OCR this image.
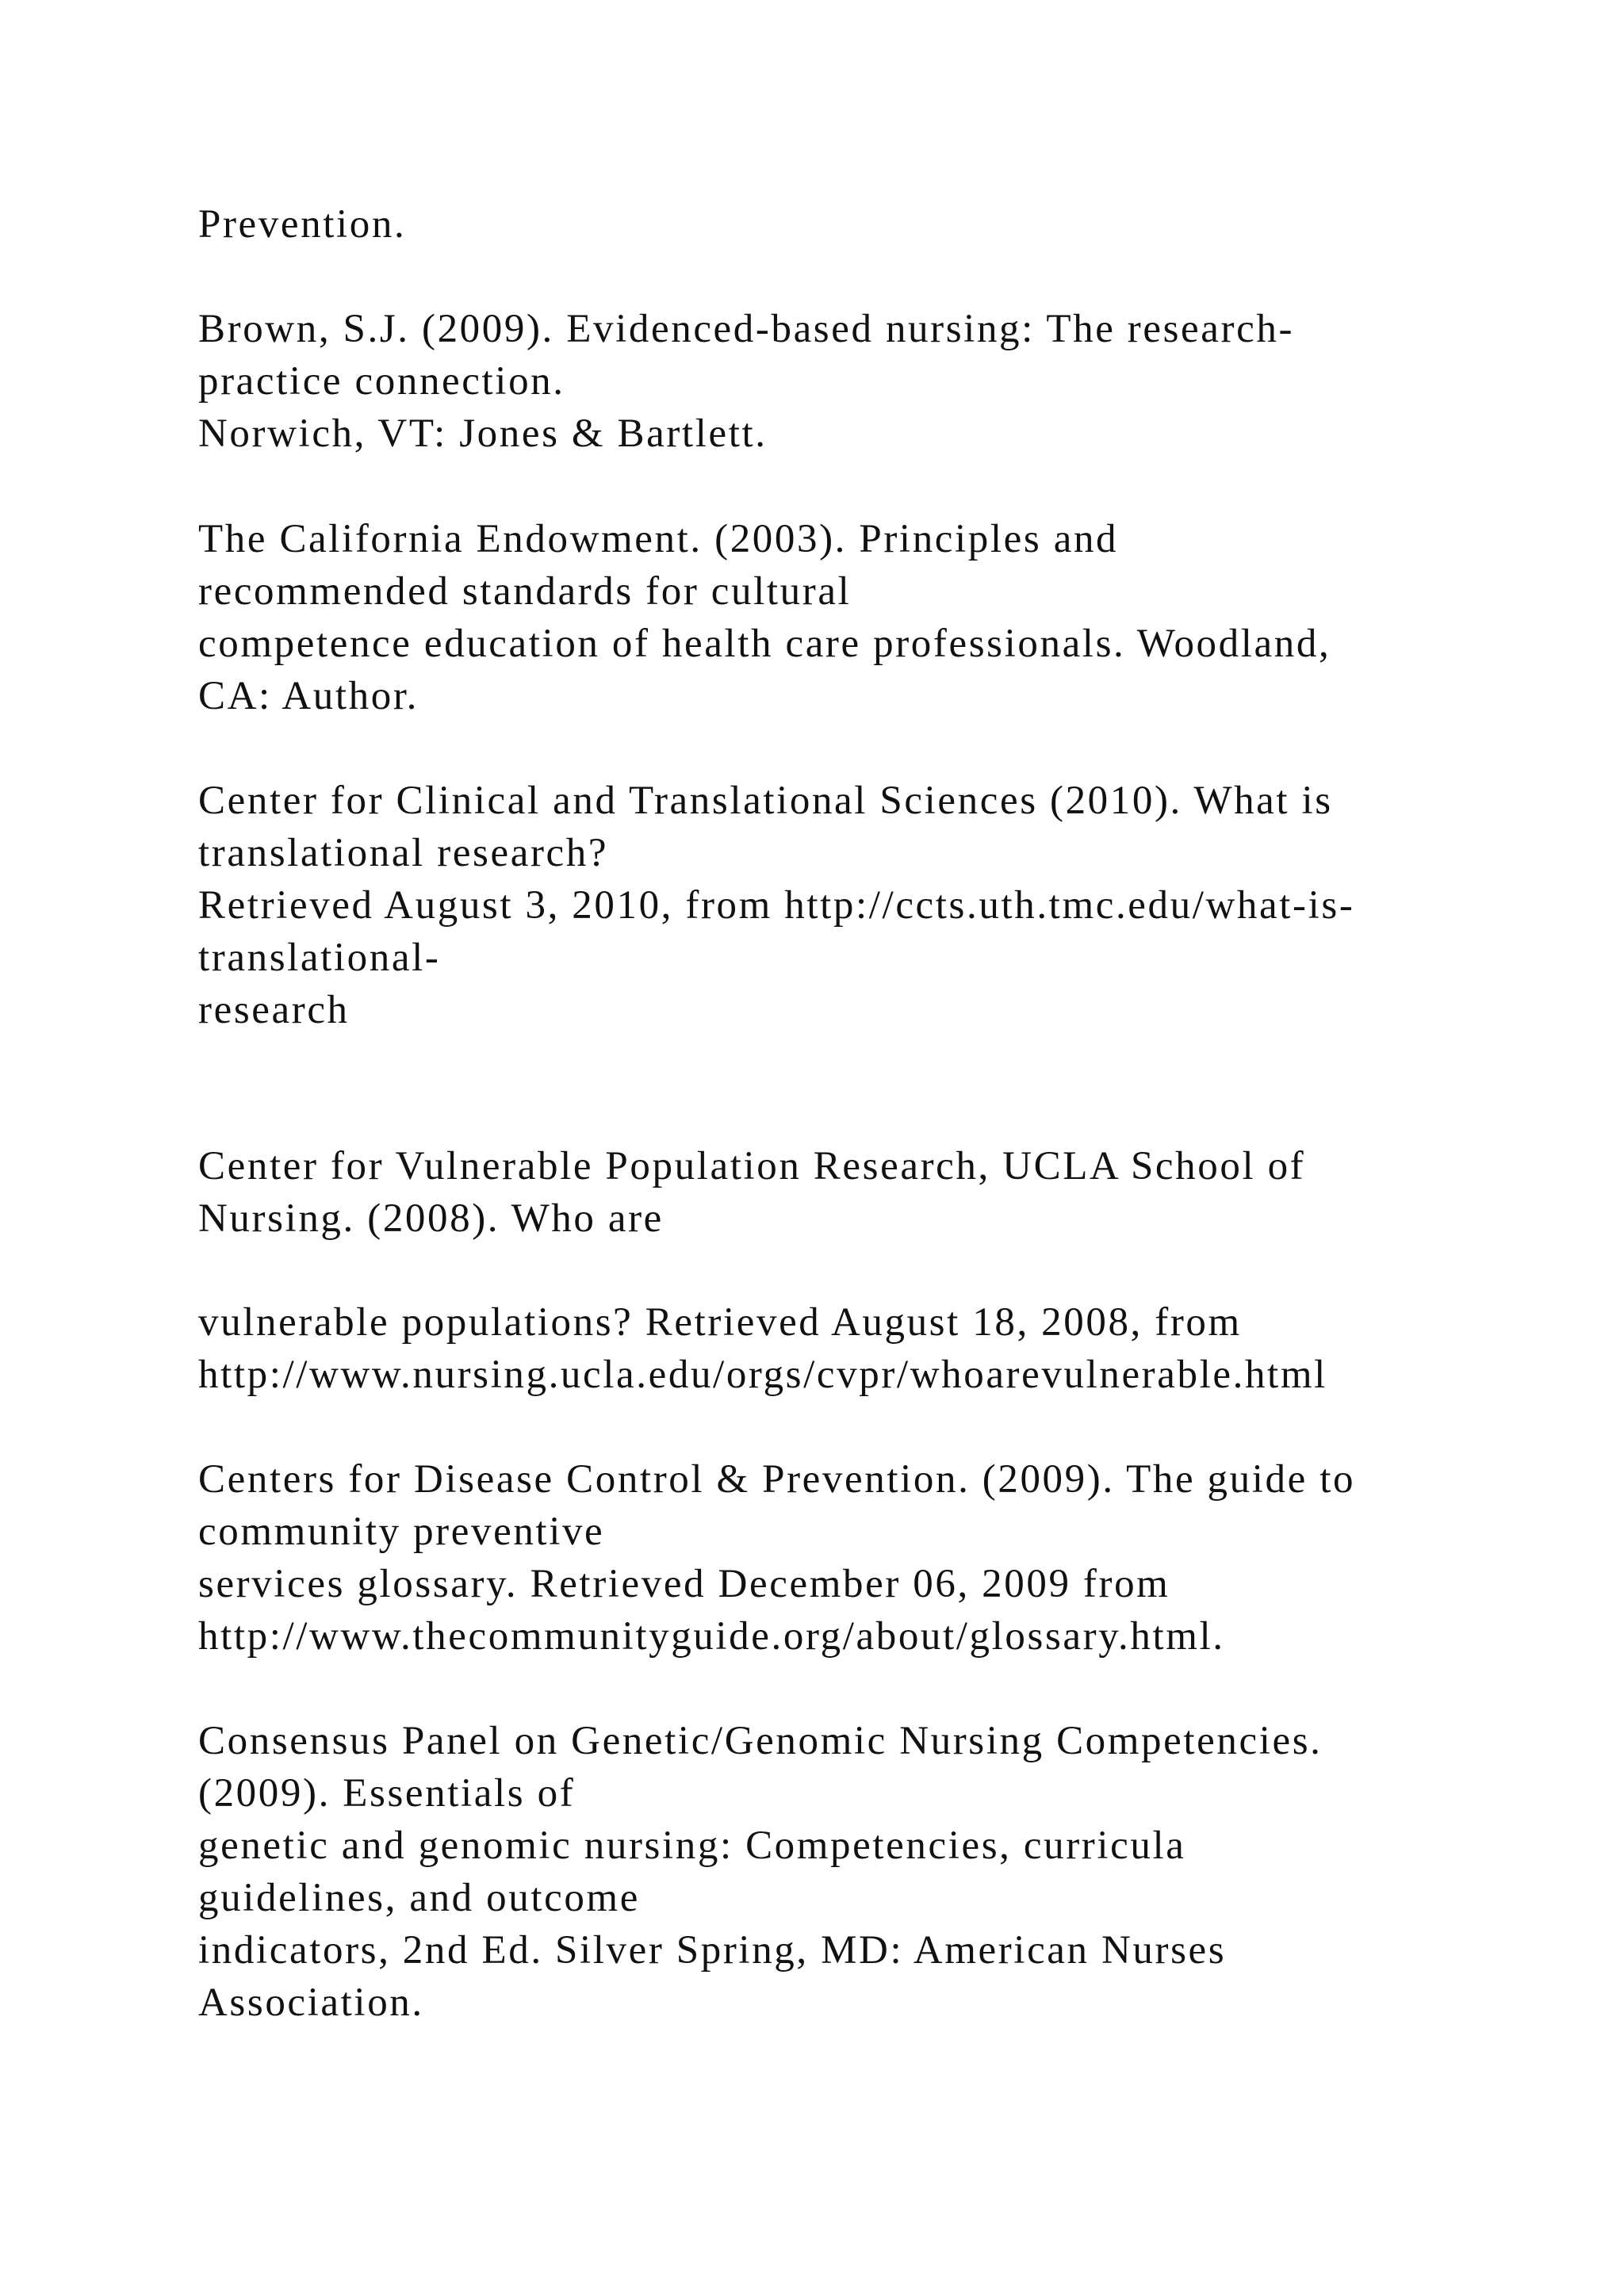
Prevention.

Brown, S.J. (2009). Evidenced-based nursing: The research-

practice connection.

Norwich, VT: Jones & Bartlett.

The California Endowment. (2003). Principles and

recommended standards for cultural

competence education of health care professionals. Woodland,

CA: Author.

Center for Clinical and Translational Sciences (2010). What is

translational research?

Retrieved August 3, 2010, from http://ccts.uth.tmc.edu/what-is-

translational-

research

Center for Vulnerable Population Research, UCLA School of

Nursing. (2008). Who are

vulnerable populations? Retrieved August 18, 2008, from

http://www.nursing.ucla.edu/orgs/cvpr/whoarevulnerable.html

Centers for Disease Control & Prevention. (2009). The guide to

community preventive

services glossary. Retrieved December 06, 2009 from

http://www.thecommunityguide.org/about/glossary.html.

Consensus Panel on Genetic/Genomic Nursing Competencies.

(2009). Essentials of

genetic and genomic nursing: Competencies, curricula

guidelines, and outcome

indicators, 2nd Ed. Silver Spring, MD: American Nurses

Association.
